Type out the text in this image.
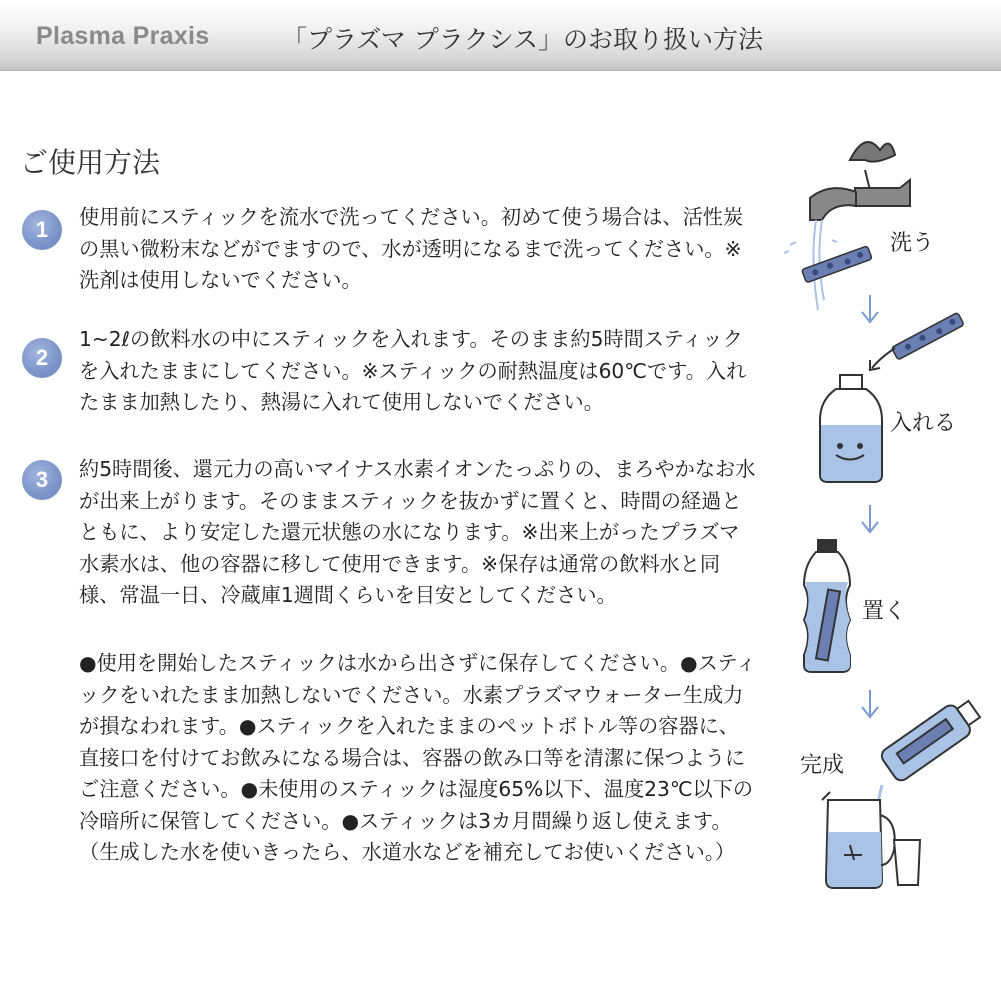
Plasma Praxis	「プラズマ プラクシス」のお取り扱い方法
ご使用方法
1	使用前にスティックを流水で洗ってください。初めて使う場合は、活性炭の黒い微粉末などがでますので、水が透明になるまで洗ってください。※洗剤は使用しないでください。
2
1~2ℓの飲料水の中にスティックを入れます。そのまま約5時間スティックを入れたままにしてください。※スティックの耐熱温度は60℃です。入れたまま加熱したり、熱湯に入れて使用しないでください。
3	約5時間後、還元力の高いマイナス水素イオンたっぷりの、まろやかなお水が出来上がります。そのままスティックを抜かずに置くと、時間の経過とともに、より安定した還元状態の水になります。※出来上がったプラズマ水素水は、他の容器に移して使用できます。※保存は通常の飲料水と同様、常温一日、冷蔵庫1週間くらいを目安としてください。
●使用を開始したスティックは水から出さずに保存してください。●スティックをいれたまま加熱しないでください。水素プラズマウォーター生成力が損なわれます。●スティックを入れたままのペットボトル等の容器に、直接口を付けてお飲みになる場合は、容器の飲み口等を清潔に保つようにご注意ください。●未使用のスティックは湿度65%以下、温度23℃以下の冷暗所に保管してください。●スティックは3カ月間繰り返し使えます。（生成した水を使いきったら、水道水などを補充してお使いください。）
洗う
入れる
置く
完成
